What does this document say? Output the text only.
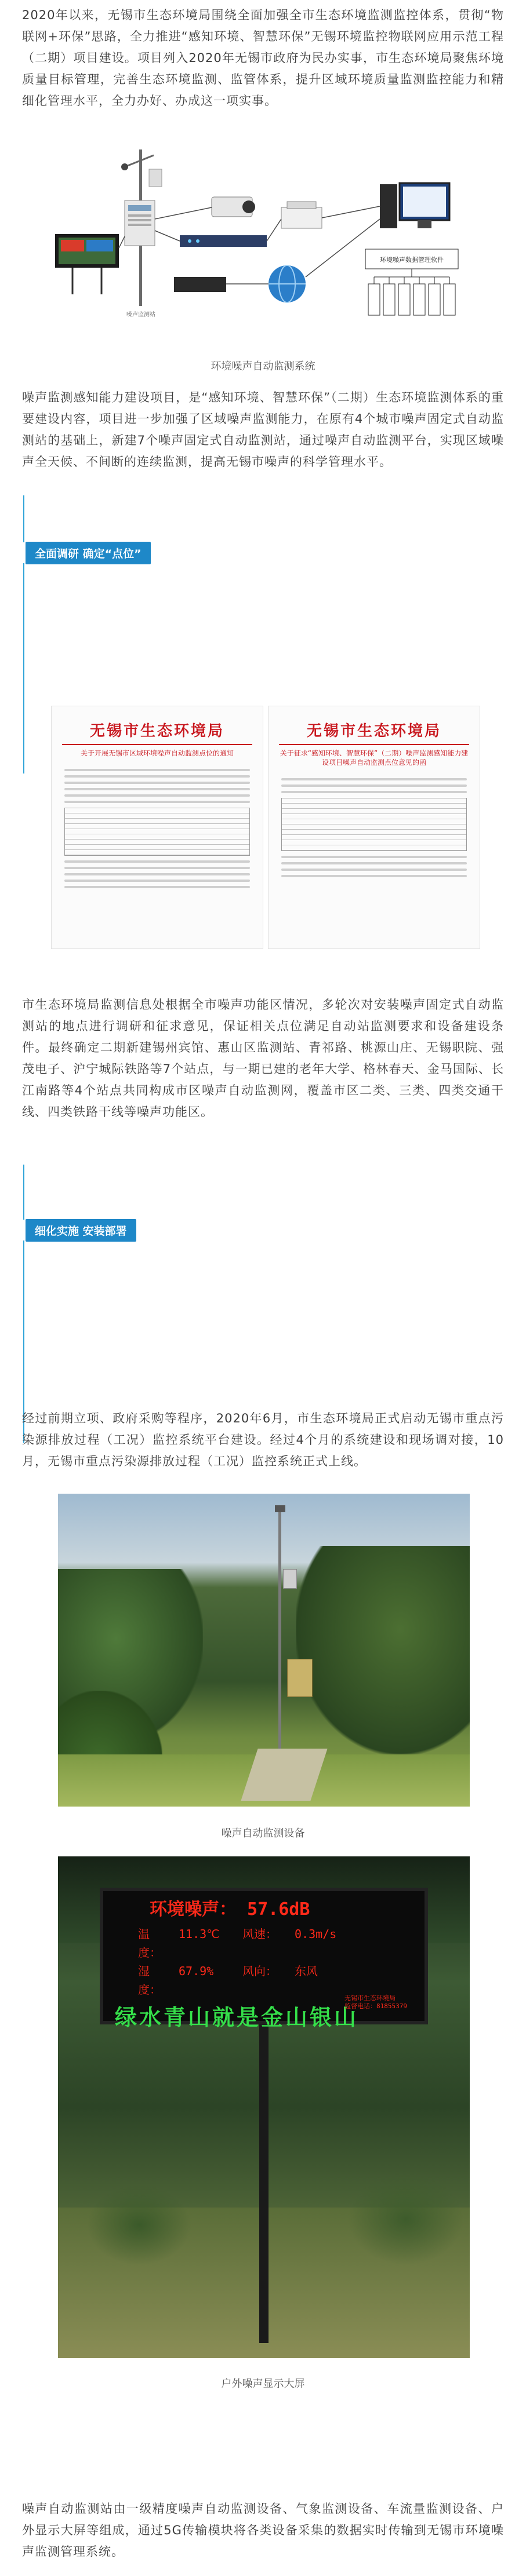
2020年以来，无锡市生态环境局围绕全面加强全市生态环境监测监控体系，贯彻“物联网+环保”思路，全力推进“感知环境、智慧环保”无锡环境监控物联网应用示范工程（二期）项目建设。项目列入2020年无锡市政府为民办实事，市生态环境局聚焦环境质量目标管理，完善生态环境监测、监管体系，提升区域环境质量监测监控能力和精细化管理水平，全力办好、办成这一项实事。

环境噪声数据管理软件
噪声监测站

环境噪声自动监测系统

噪声监测感知能力建设项目，是“感知环境、智慧环保”（二期）生态环境监测体系的重要建设内容，项目进一步加强了区域噪声监测能力，在原有4个城市噪声固定式自动监测站的基础上，新建7个噪声固定式自动监测站，通过噪声自动监测平台，实现区域噪声全天候、不间断的连续监测，提高无锡市噪声的科学管理水平。

全面调研 确定“点位”
无锡市生态环境局
关于开展无锡市区域环境噪声自动监测点位的通知
无锡市生态环境局
关于征求“感知环境、智慧环保”（二期）噪声监测感知能力建设项目噪声自动监测点位意见的函

市生态环境局监测信息处根据全市噪声功能区情况，多轮次对安装噪声固定式自动监测站的地点进行调研和征求意见，保证相关点位满足自动站监测要求和设备建设条件。最终确定二期新建锡州宾馆、惠山区监测站、青祁路、桃源山庄、无锡职院、强茂电子、沪宁城际铁路等7个站点，与一期已建的老年大学、格林春天、金马国际、长江南路等4个站点共同构成市区噪声自动监测网，覆盖市区二类、三类、四类交通干线、四类铁路干线等噪声功能区。

细化实施 安装部署

经过前期立项、政府采购等程序，2020年6月，市生态环境局正式启动无锡市重点污染源排放过程（工况）监控系统平台建设。经过4个月的系统建设和现场调对接，10月，无锡市重点污染源排放过程（工况）监控系统正式上线。

噪声自动监测设备

环境噪声： 57.6dB
温度：
11.3℃	风速：	0.3m/s
湿度：
67.9%	风向：	东风
绿水青山就是金山银山
无锡市生态环境局
监督电话：81855379

户外噪声显示大屏

噪声自动监测站由一级精度噪声自动监测设备、气象监测设备、车流量监测设备、户外显示大屏等组成，通过5G传输模块将各类设备采集的数据实时传输到无锡市环境噪声监测管理系统。
